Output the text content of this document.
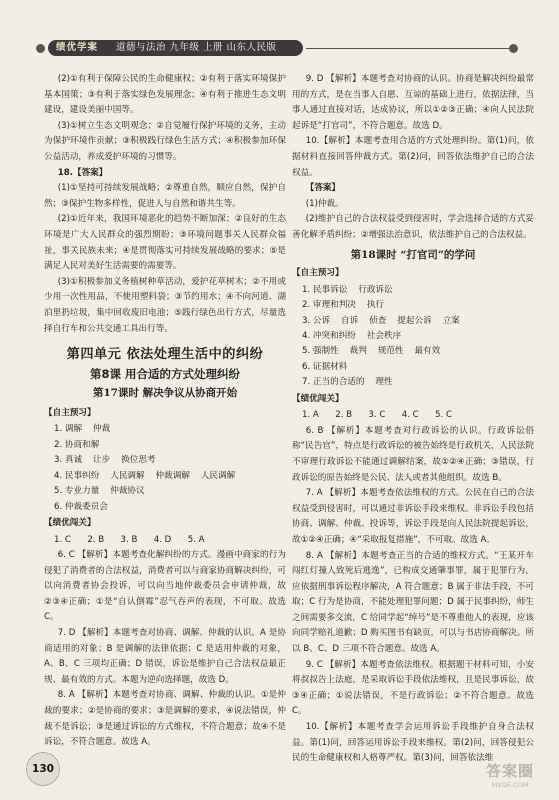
绩优学案 道德与法治 九年级 上册 山东人民版

(2)①有利于保障公民的生命健康权；②有利于落实环境保护基本国策；③有利于落实绿色发展理念；④有利于推进生态文明建设，建设美丽中国等。

(3)①树立生态文明观念；②自觉履行保护环境的义务，主动为保护环境作贡献；③积极践行绿色生活方式；④积极参加环保公益活动，养成爱护环境的习惯等。

18.【答案】

(1)①坚持可持续发展战略；②尊重自然，顺应自然，保护自然；③保护生物多样性，促进人与自然和谐共生等。

(2)①近年来，我国环境恶化的趋势不断加深；②良好的生态环境是广大人民群众的强烈期盼；③环境问题事关人民群众福祉，事关民族未来；④是贯彻落实可持续发展战略的要求；⑤是满足人民对美好生活需要的需要等。

(3)①积极参加义务植树种草活动，爱护花草树木；②不用或少用一次性用品，不使用塑料袋；③节约用水；④不向河道、湖泊里扔垃圾，集中回收废旧电池；⑤践行绿色出行方式，尽量选择自行车和公共交通工具出行等。

第四单元 依法处理生活中的纠纷
第8课 用合适的方式处理纠纷
第17课时 解决争议从协商开始

【自主预习】

1. 调解    仲裁

2. 协商和解

3. 真诚    让步    换位思考

4. 民事纠纷    人民调解    仲裁调解    人民调解

5. 专业力量    仲裁协议

6. 仲裁委员会

【绩优闯关】

1. C      2. B      3. B      4. D      5. A

6. C 【解析】本题考查化解纠纷的方式。漫画中商家的行为侵犯了消费者的合法权益，消费者可以与商家协商解决纠纷，可以向消费者协会投诉，可以向当地仲裁委员会申请仲裁，故②③④正确；①是“自认倒霉”忍气吞声的表现，不可取。故选 C。

7. D 【解析】本题考查对协商、调解、仲裁的认识。A 是协商适用的对象；B 是调解的法律依据；C 是适用仲裁的对象，A、B、C 三项均正确；D 错误，诉讼是维护自己合法权益最正规、最有效的方式。本题为逆向选择题，故选 D。

8. A 【解析】本题考查对协商、调解、仲裁的认识。①是仲裁的要求；②是协商的要求；③是调解的要求，④说法错误，仲裁不是诉讼；③是通过诉讼的方式维权，不符合题意；故④不是诉讼，不符合题意。故选 A。

9. D 【解析】本题考查对协商的认识。协商是解决纠纷最常用的方式，是在当事人自愿、互谅的基础上进行，依据法律，当事人通过直接对话，达成协议，所以①②③正确；④向人民法院起诉是“打官司”，不符合题意。故选 D。

10.【解析】本题考查用合适的方式处理纠纷。第(1)问，依据材料直接回答仲裁方式。第(2)问，回答依法维护自己的合法权益。

【答案】

(1)仲裁。

(2)维护自己的合法权益受到侵害时，学会选择合适的方式妥善化解矛盾纠纷；②增强法治意识，依法维护自己的合法权益。

第18课时 “打官司”的学问

【自主预习】

1. 民事诉讼    行政诉讼

2. 审理和判决    执行

3. 公诉    自诉    侦查    提起公诉    立案

4. 冲突和纠纷    社会秩序

5. 强制性    裁判    规范性    最有效

6. 证据材料

7. 正当的合适的    理性

【绩优闯关】

1. A      2. B      3. C      4. C      5. C

6. B 【解析】本题考查对行政诉讼的认识。行政诉讼俗称“民告官”，特点是行政诉讼的被告始终是行政机关，人民法院不审理行政诉讼不能通过调解结案，故①②④正确；③错误，行政诉讼的原告始终是公民、法人或者其他组织。故选 B。

7. A 【解析】本题考查依法维权的方式。公民在自己的合法权益受到侵害时，可以通过非诉讼手段来维权。非诉讼手段包括协商、调解、仲裁、投诉等，诉讼手段是向人民法院提起诉讼，故①②④正确；④“采取报复措施”，不可取。故选 A。

8. A 【解析】本题考查正当的合适的维权方式。“王某开车闯红灯撞人致死后逃逸”，已构成交通肇事罪，属于犯罪行为，应依据刑事诉讼程序解决，A 符合题意；B 属于非法手段，不可取；C 行为是协商，不能处理犯罪问题；D 属于民事纠纷，师生之间需要多交流，C 给同学起“绰号”是不尊重他人的表现，应该向同学赔礼道歉；D 购买图书有缺页，可以与书店协商解决。所以 B、C、D 三项不符合题意。故选 A。

9. C 【解析】本题考查依法维权。根据题干材料可知，小安将叔叔告上法庭，是采取诉讼手段依法维权，且是民事诉讼，故③④正确；①说法错误，不是行政诉讼；②不符合题意。故选 C。

10.【解析】本题考查学会运用诉讼手段维护自身合法权益。第(1)问，回答运用诉讼手段来维权。第(2)问，回答侵犯公民的生命健康权和人格尊严权。第(3)问，回答依法维

130	答案圈
MXQE.COM
